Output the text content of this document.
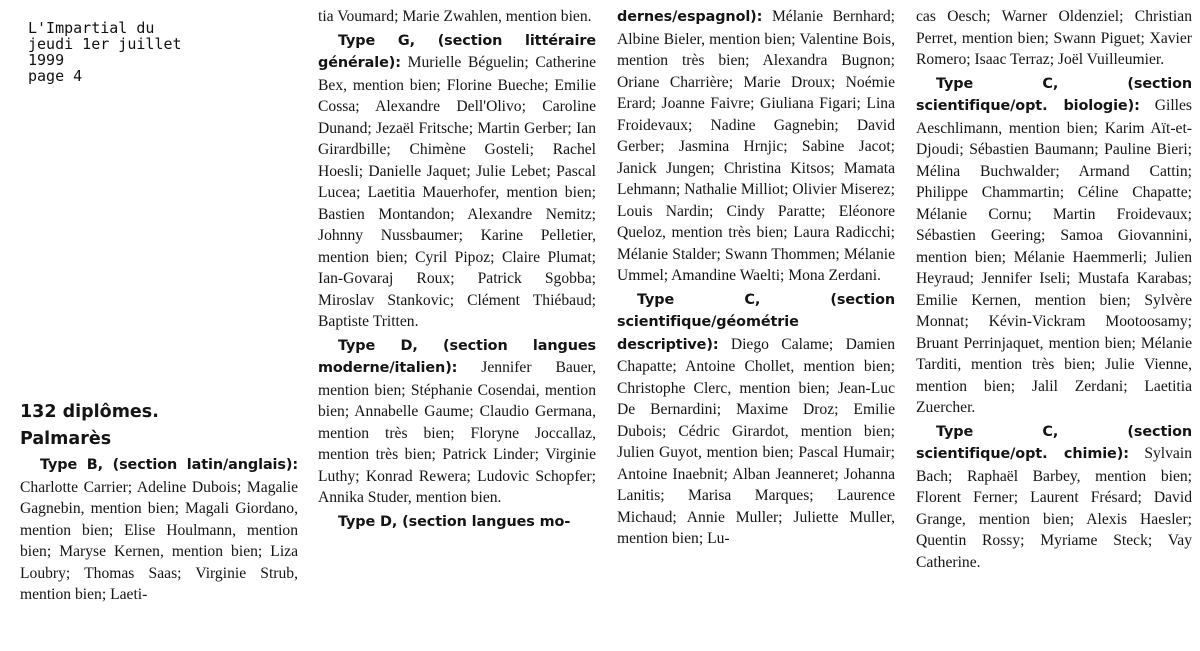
L'Impartial du
jeudi 1er juillet
1999
page 4
132 diplômes.
Palmarès

Type B, (section latin/anglais): Charlotte Carrier; Adeline Dubois; Magalie Gagnebin, mention bien; Magali Giordano, mention bien; Elise Houlmann, mention bien; Maryse Kernen, mention bien; Liza Loubry; Thomas Saas; Virginie Strub, mention bien; Laeti-

tia Voumard; Marie Zwahlen, mention bien.

Type G, (section littéraire générale): Murielle Béguelin; Catherine Bex, mention bien; Florine Bueche; Emilie Cossa; Alexandre Dell'Olivo; Caroline Dunand; Jezaël Fritsche; Martin Gerber; Ian Girardbille; Chimène Gosteli; Rachel Hoesli; Danielle Jaquet; Julie Lebet; Pascal Lucea; Laetitia Mauerhofer, mention bien; Bastien Montandon; Alexandre Nemitz; Johnny Nussbaumer; Karine Pelletier, mention bien; Cyril Pipoz; Claire Plumat; Ian-Govaraj Roux; Patrick Sgobba; Miroslav Stankovic; Clément Thiébaud; Baptiste Tritten.

Type D, (section langues moderne/italien): Jennifer Bauer, mention bien; Stéphanie Cosendai, mention bien; Annabelle Gaume; Claudio Germana, mention très bien; Floryne Joccallaz, mention très bien; Patrick Linder; Virginie Luthy; Konrad Rewera; Ludovic Schopfer; Annika Studer, mention bien.

Type D, (section langues mo-

dernes/espagnol): Mélanie Bernhard; Albine Bieler, mention bien; Valentine Bois, mention très bien; Alexandra Bugnon; Oriane Charrière; Marie Droux; Noémie Erard; Joanne Faivre; Giuliana Figari; Lina Froidevaux; Nadine Gagnebin; David Gerber; Jasmina Hrnjic; Sabine Jacot; Janick Jungen; Christina Kitsos; Mamata Lehmann; Nathalie Milliot; Olivier Miserez; Louis Nardin; Cindy Paratte; Eléonore Queloz, mention très bien; Laura Radicchi; Mélanie Stalder; Swann Thommen; Mélanie Ummel; Amandine Waelti; Mona Zerdani.

Type C, (section scientifique/géométrie descriptive): Diego Calame; Damien Chapatte; Antoine Chollet, mention bien; Christophe Clerc, mention bien; Jean-Luc De Bernardini; Maxime Droz; Emilie Dubois; Cédric Girardot, mention bien; Julien Guyot, mention bien; Pascal Humair; Antoine Inaebnit; Alban Jeanneret; Johanna Lanitis; Marisa Marques; Laurence Michaud; Annie Muller; Juliette Muller, mention bien; Lu-

cas Oesch; Warner Oldenziel; Christian Perret, mention bien; Swann Piguet; Xavier Romero; Isaac Terraz; Joël Vuilleumier.

Type C, (section scientifique/opt. biologie): Gilles Aeschlimann, mention bien; Karim Aït-et-Djoudi; Sébastien Baumann; Pauline Bieri; Mélina Buchwalder; Armand Cattin; Philippe Chammartin; Céline Chapatte; Mélanie Cornu; Martin Froidevaux; Sébastien Geering; Samoa Giovannini, mention bien; Mélanie Haemmerli; Julien Heyraud; Jennifer Iseli; Mustafa Karabas; Emilie Kernen, mention bien; Sylvère Monnat; Kévin-Vickram Mootoosamy; Bruant Perrinjaquet, mention bien; Mélanie Tarditi, mention très bien; Julie Vienne, mention bien; Jalil Zerdani; Laetitia Zuercher.

Type C, (section scientifique/opt. chimie): Sylvain Bach; Raphaël Barbey, mention bien; Florent Ferner; Laurent Frésard; David Grange, mention bien; Alexis Haesler; Quentin Rossy; Myriame Steck; Vay Catherine.
